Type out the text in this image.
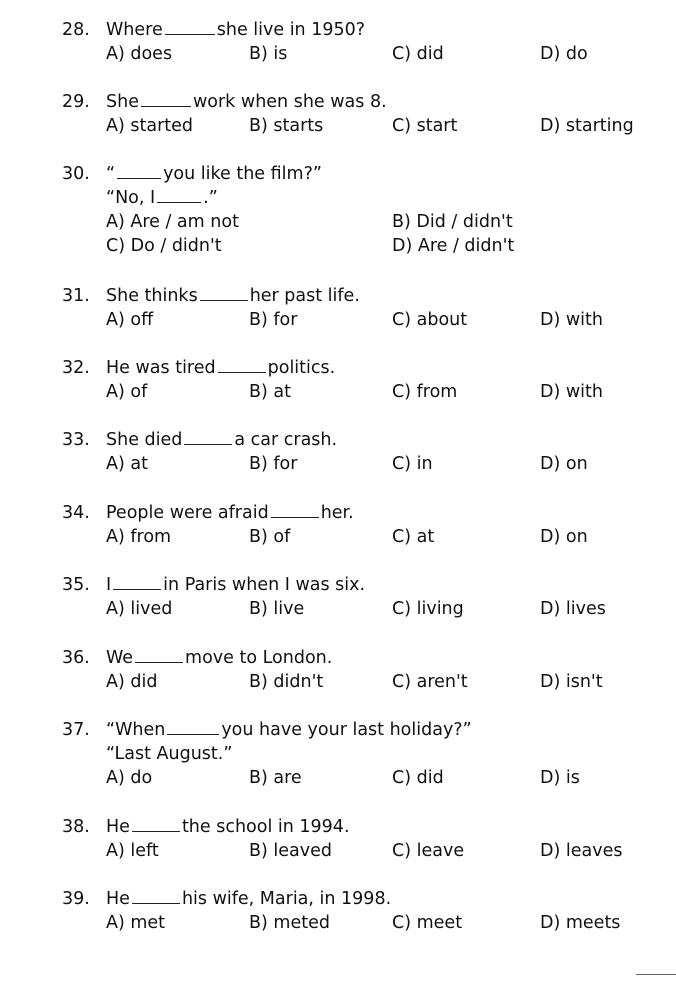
28. Where	she live in 1950?
A) does	B) is	C) did	D) do
29. She	work when she was 8.
A) started	B) starts	C) start	D) starting
30. “	you like the film?”
“No, I	.”
A) Are / am not	B) Did / didn't
C) Do / didn't	D) Are / didn't
31. She thinks	her past life.
A) off	B) for	C) about	D) with
32. He was tired	politics.
A) of	B) at	C) from	D) with
33. She died	a car crash.
A) at	B) for	C) in	D) on
34. People were afraid	her.
A) from	B) of	C) at	D) on
35. I	in Paris when I was six.
A) lived	B) live	C) living	D) lives
36. We	move to London.
A) did	B) didn't	C) aren't	D) isn't
37. “When	you have your last holiday?”
“Last August.”
A) do	B) are	C) did	D) is
38. He	the school in 1994.
A) left	B) leaved	C) leave	D) leaves
39. He	his wife, Maria, in 1998.
A) met	B) meted	C) meet	D) meets
